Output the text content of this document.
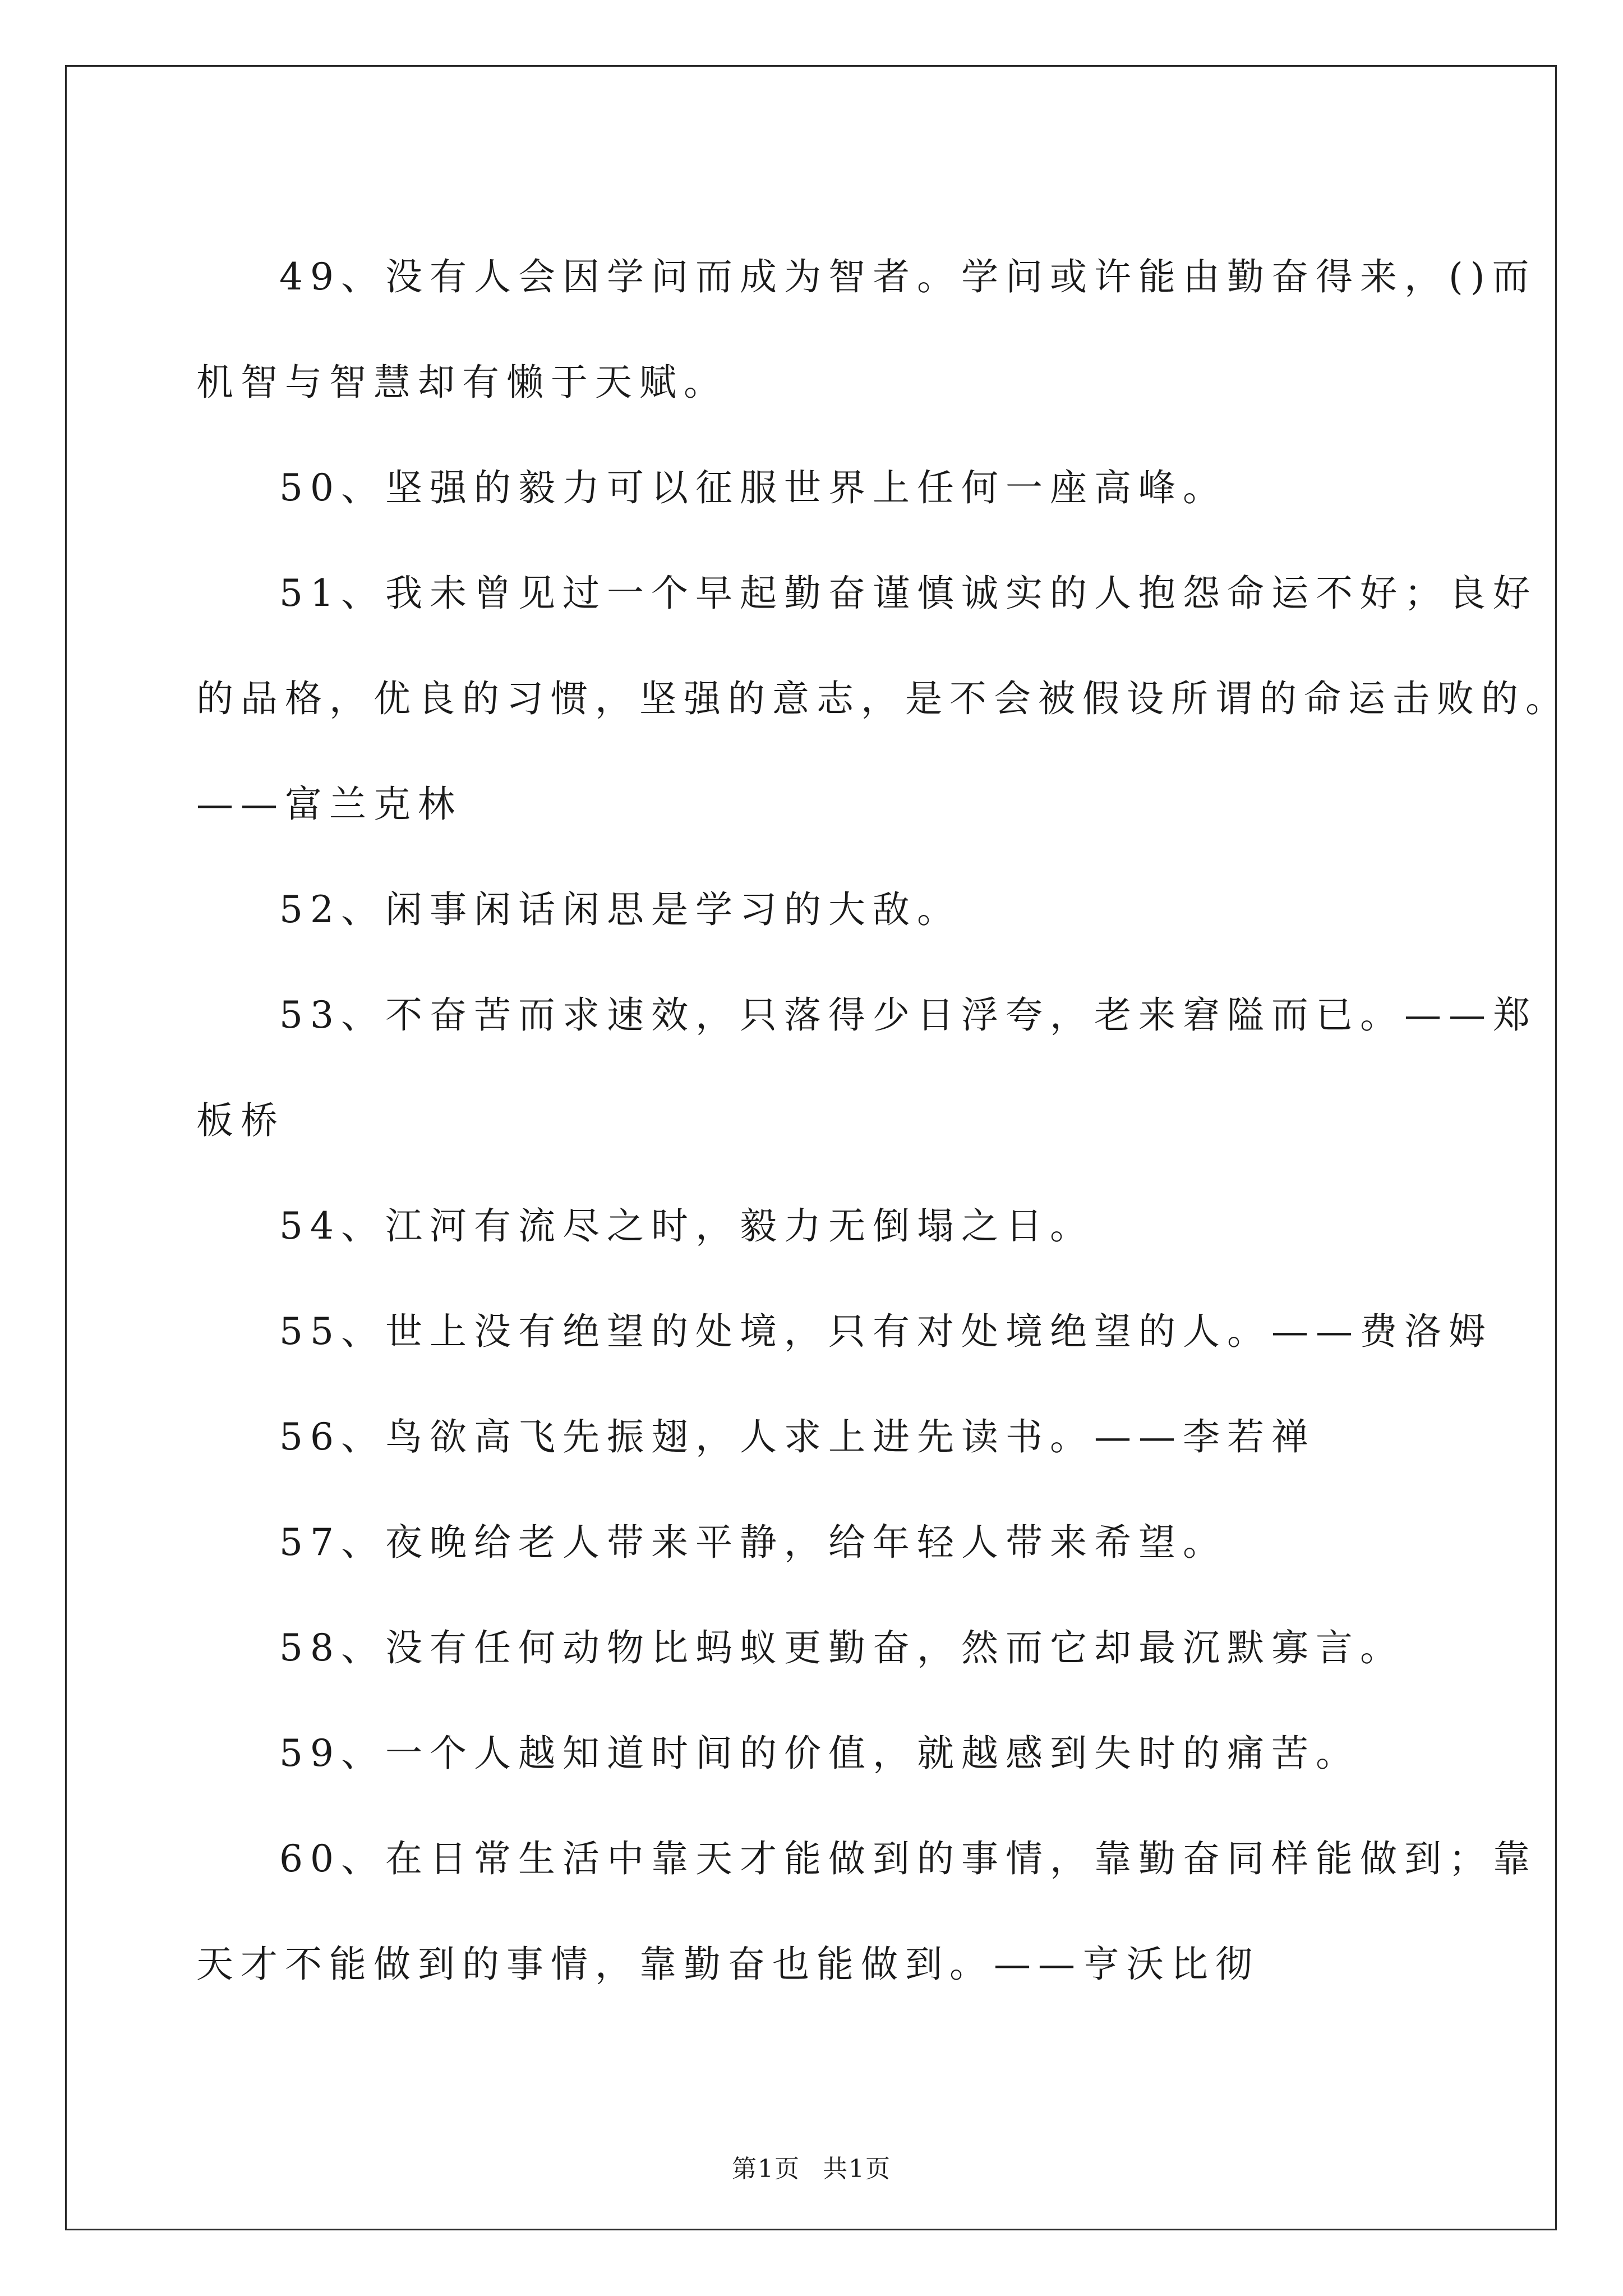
49、没有人会因学问而成为智者。学问或许能由勤奋得来，()而
机智与智慧却有懒于天赋。

50、坚强的毅力可以征服世界上任何一座高峰。

51、我未曾见过一个早起勤奋谨慎诚实的人抱怨命运不好；良好
的品格，优良的习惯，坚强的意志，是不会被假设所谓的命运击败的。
——富兰克林

52、闲事闲话闲思是学习的大敌。

53、不奋苦而求速效，只落得少日浮夸，老来窘隘而已。——郑
板桥

54、江河有流尽之时，毅力无倒塌之日。

55、世上没有绝望的处境，只有对处境绝望的人。——费洛姆

56、鸟欲高飞先振翅，人求上进先读书。——李若禅

57、夜晚给老人带来平静，给年轻人带来希望。

58、没有任何动物比蚂蚁更勤奋，然而它却最沉默寡言。

59、一个人越知道时间的价值，就越感到失时的痛苦。

60、在日常生活中靠天才能做到的事情，靠勤奋同样能做到；靠
天才不能做到的事情，靠勤奋也能做到。——亨沃比彻

第1页 共1页
